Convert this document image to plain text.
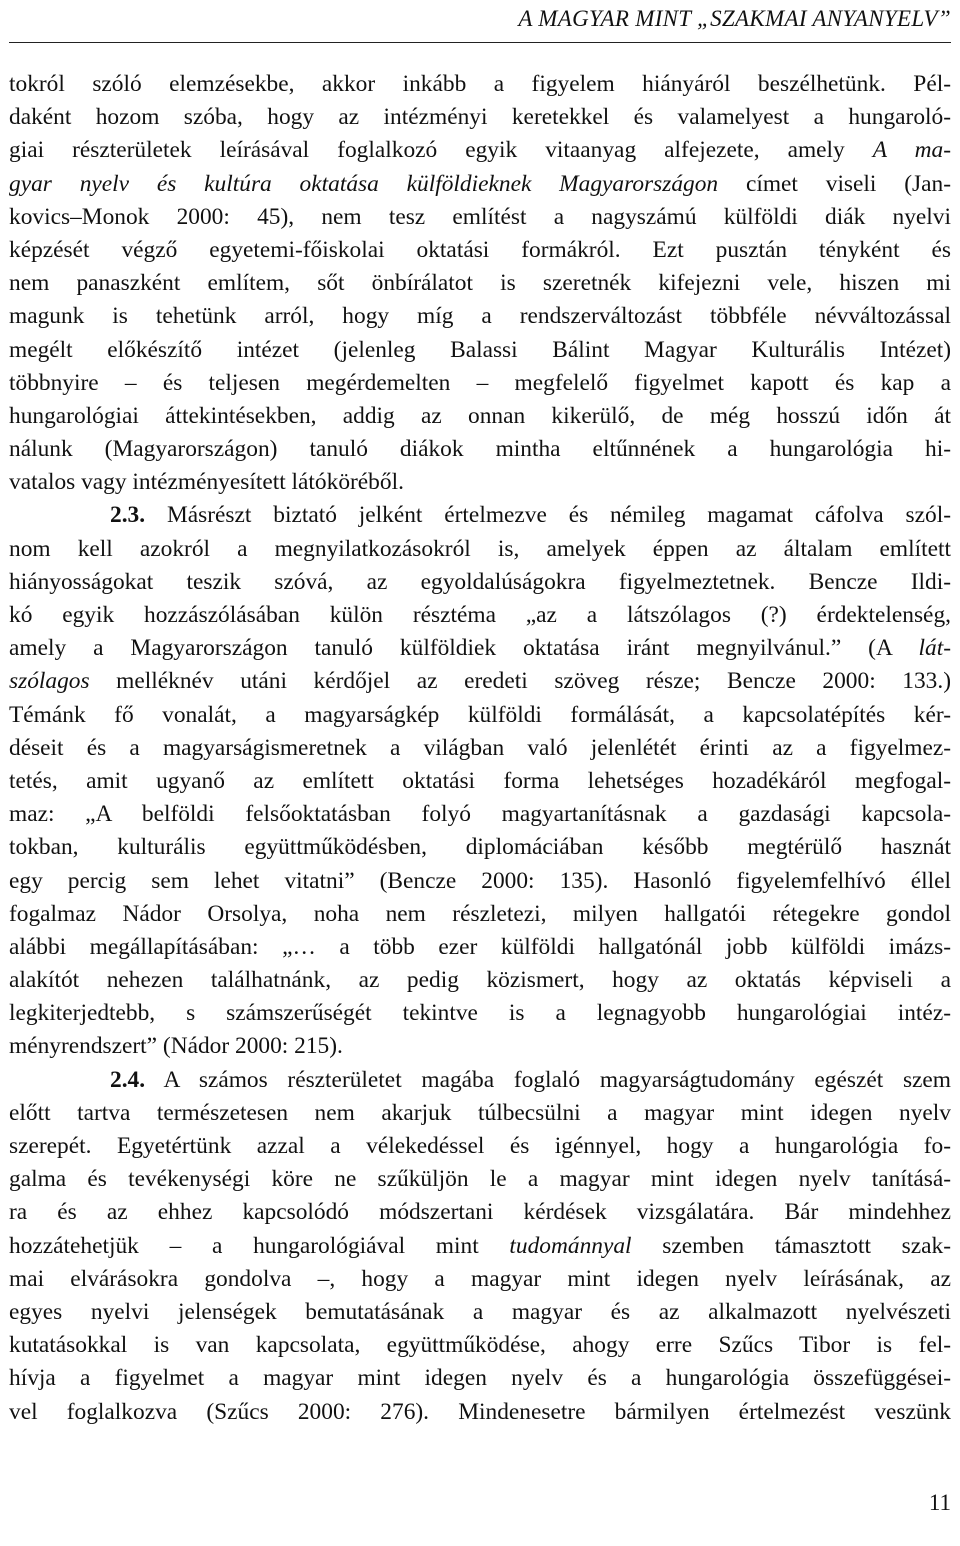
A MAGYAR MINT „SZAKMAI ANYANYELV”
tokról szóló elemzésekbe, akkor inkább a figyelem hiányáról beszélhetünk. Pél-
daként hozom szóba, hogy az intézményi keretekkel és valamelyest a hungaroló-
giai részterületek leírásával foglalkozó egyik vitaanyag alfejezete, amely A ma-
gyar nyelv és kultúra oktatása külföldieknek Magyarországon címet viseli (Jan-
kovics–Monok 2000: 45), nem tesz említést a nagyszámú külföldi diák nyelvi
képzését végző egyetemi-főiskolai oktatási formákról. Ezt pusztán tényként és
nem panaszként említem, sőt önbírálatot is szeretnék kifejezni vele, hiszen mi
magunk is tehetünk arról, hogy míg a rendszerváltozást többféle névváltozással
megélt előkészítő intézet (jelenleg Balassi Bálint Magyar Kulturális Intézet)
többnyire – és teljesen megérdemelten – megfelelő figyelmet kapott és kap a
hungarológiai áttekintésekben, addig az onnan kikerülő, de még hosszú időn át
nálunk (Magyarországon) tanuló diákok mintha eltűnnének a hungarológia hi-
vatalos vagy intézményesített látóköréből.
2.3. Másrészt biztató jelként értelmezve és némileg magamat cáfolva szól-
nom kell azokról a megnyilatkozásokról is, amelyek éppen az általam említett
hiányosságokat teszik szóvá, az egyoldalúságokra figyelmeztetnek. Bencze Ildi-
kó egyik hozzászólásában külön résztéma „az a látszólagos (?) érdektelenség,
amely a Magyarországon tanuló külföldiek oktatása iránt megnyilvánul.” (A lát-
szólagos melléknév utáni kérdőjel az eredeti szöveg része; Bencze 2000: 133.)
Témánk fő vonalát, a magyarságkép külföldi formálását, a kapcsolatépítés kér-
déseit és a magyarságismeretnek a világban való jelenlétét érinti az a figyelmez-
tetés, amit ugyanő az említett oktatási forma lehetséges hozadékáról megfogal-
maz: „A belföldi felsőoktatásban folyó magyartanításnak a gazdasági kapcsola-
tokban, kulturális együttműködésben, diplomáciában később megtérülő hasznát
egy percig sem lehet vitatni” (Bencze 2000: 135). Hasonló figyelemfelhívó éllel
fogalmaz Nádor Orsolya, noha nem részletezi, milyen hallgatói rétegekre gondol
alábbi megállapításában: „… a több ezer külföldi hallgatónál jobb külföldi imázs-
alakítót nehezen találhatnánk, az pedig közismert, hogy az oktatás képviseli a
legkiterjedtebb, s számszerűségét tekintve is a legnagyobb hungarológiai intéz-
ményrendszert” (Nádor 2000: 215).
2.4. A számos részterületet magába foglaló magyarságtudomány egészét szem
előtt tartva természetesen nem akarjuk túlbecsülni a magyar mint idegen nyelv
szerepét. Egyetértünk azzal a vélekedéssel és igénnyel, hogy a hungarológia fo-
galma és tevékenységi köre ne szűküljön le a magyar mint idegen nyelv tanításá-
ra és az ehhez kapcsolódó módszertani kérdések vizsgálatára. Bár mindehhez
hozzátehetjük – a hungarológiával mint tudománnyal szemben támasztott szak-
mai elvárásokra gondolva –, hogy a magyar mint idegen nyelv leírásának, az
egyes nyelvi jelenségek bemutatásának a magyar és az alkalmazott nyelvészeti
kutatásokkal is van kapcsolata, együttműködése, ahogy erre Szűcs Tibor is fel-
hívja a figyelmet a magyar mint idegen nyelv és a hungarológia összefüggései-
vel foglalkozva (Szűcs 2000: 276). Mindenesetre bármilyen értelmezést veszünk
11
